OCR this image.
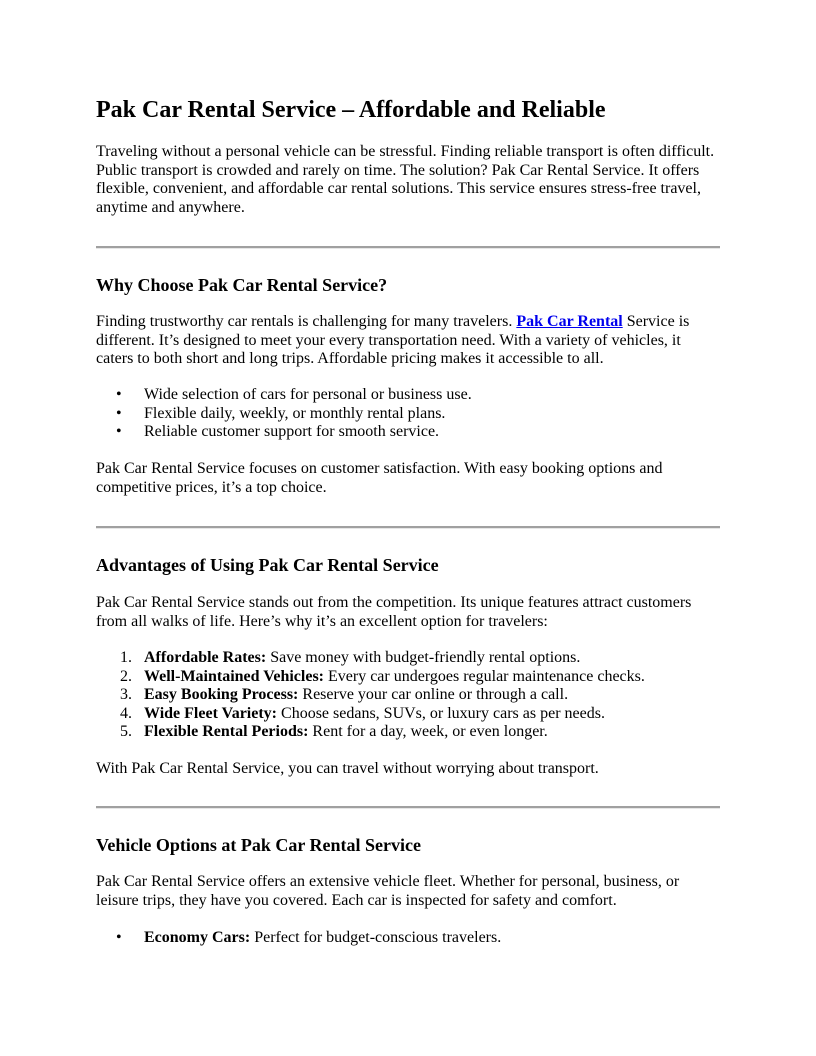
Pak Car Rental Service – Affordable and Reliable

Traveling without a personal vehicle can be stressful. Finding reliable transport is often difficult. Public transport is crowded and rarely on time. The solution? Pak Car Rental Service. It offers flexible, convenient, and affordable car rental solutions. This service ensures stress-free travel, anytime and anywhere.

Why Choose Pak Car Rental Service?

Finding trustworthy car rentals is challenging for many travelers. Pak Car Rental Service is different. It’s designed to meet your every transportation need. With a variety of vehicles, it caters to both short and long trips. Affordable pricing makes it accessible to all.

• Wide selection of cars for personal or business use.
• Flexible daily, weekly, or monthly rental plans.
• Reliable customer support for smooth service.

Pak Car Rental Service focuses on customer satisfaction. With easy booking options and competitive prices, it’s a top choice.

Advantages of Using Pak Car Rental Service

Pak Car Rental Service stands out from the competition. Its unique features attract customers from all walks of life. Here’s why it’s an excellent option for travelers:

1. Affordable Rates: Save money with budget-friendly rental options.
2. Well-Maintained Vehicles: Every car undergoes regular maintenance checks.
3. Easy Booking Process: Reserve your car online or through a call.
4. Wide Fleet Variety: Choose sedans, SUVs, or luxury cars as per needs.
5. Flexible Rental Periods: Rent for a day, week, or even longer.

With Pak Car Rental Service, you can travel without worrying about transport.

Vehicle Options at Pak Car Rental Service

Pak Car Rental Service offers an extensive vehicle fleet. Whether for personal, business, or leisure trips, they have you covered. Each car is inspected for safety and comfort.

• Economy Cars: Perfect for budget-conscious travelers.
